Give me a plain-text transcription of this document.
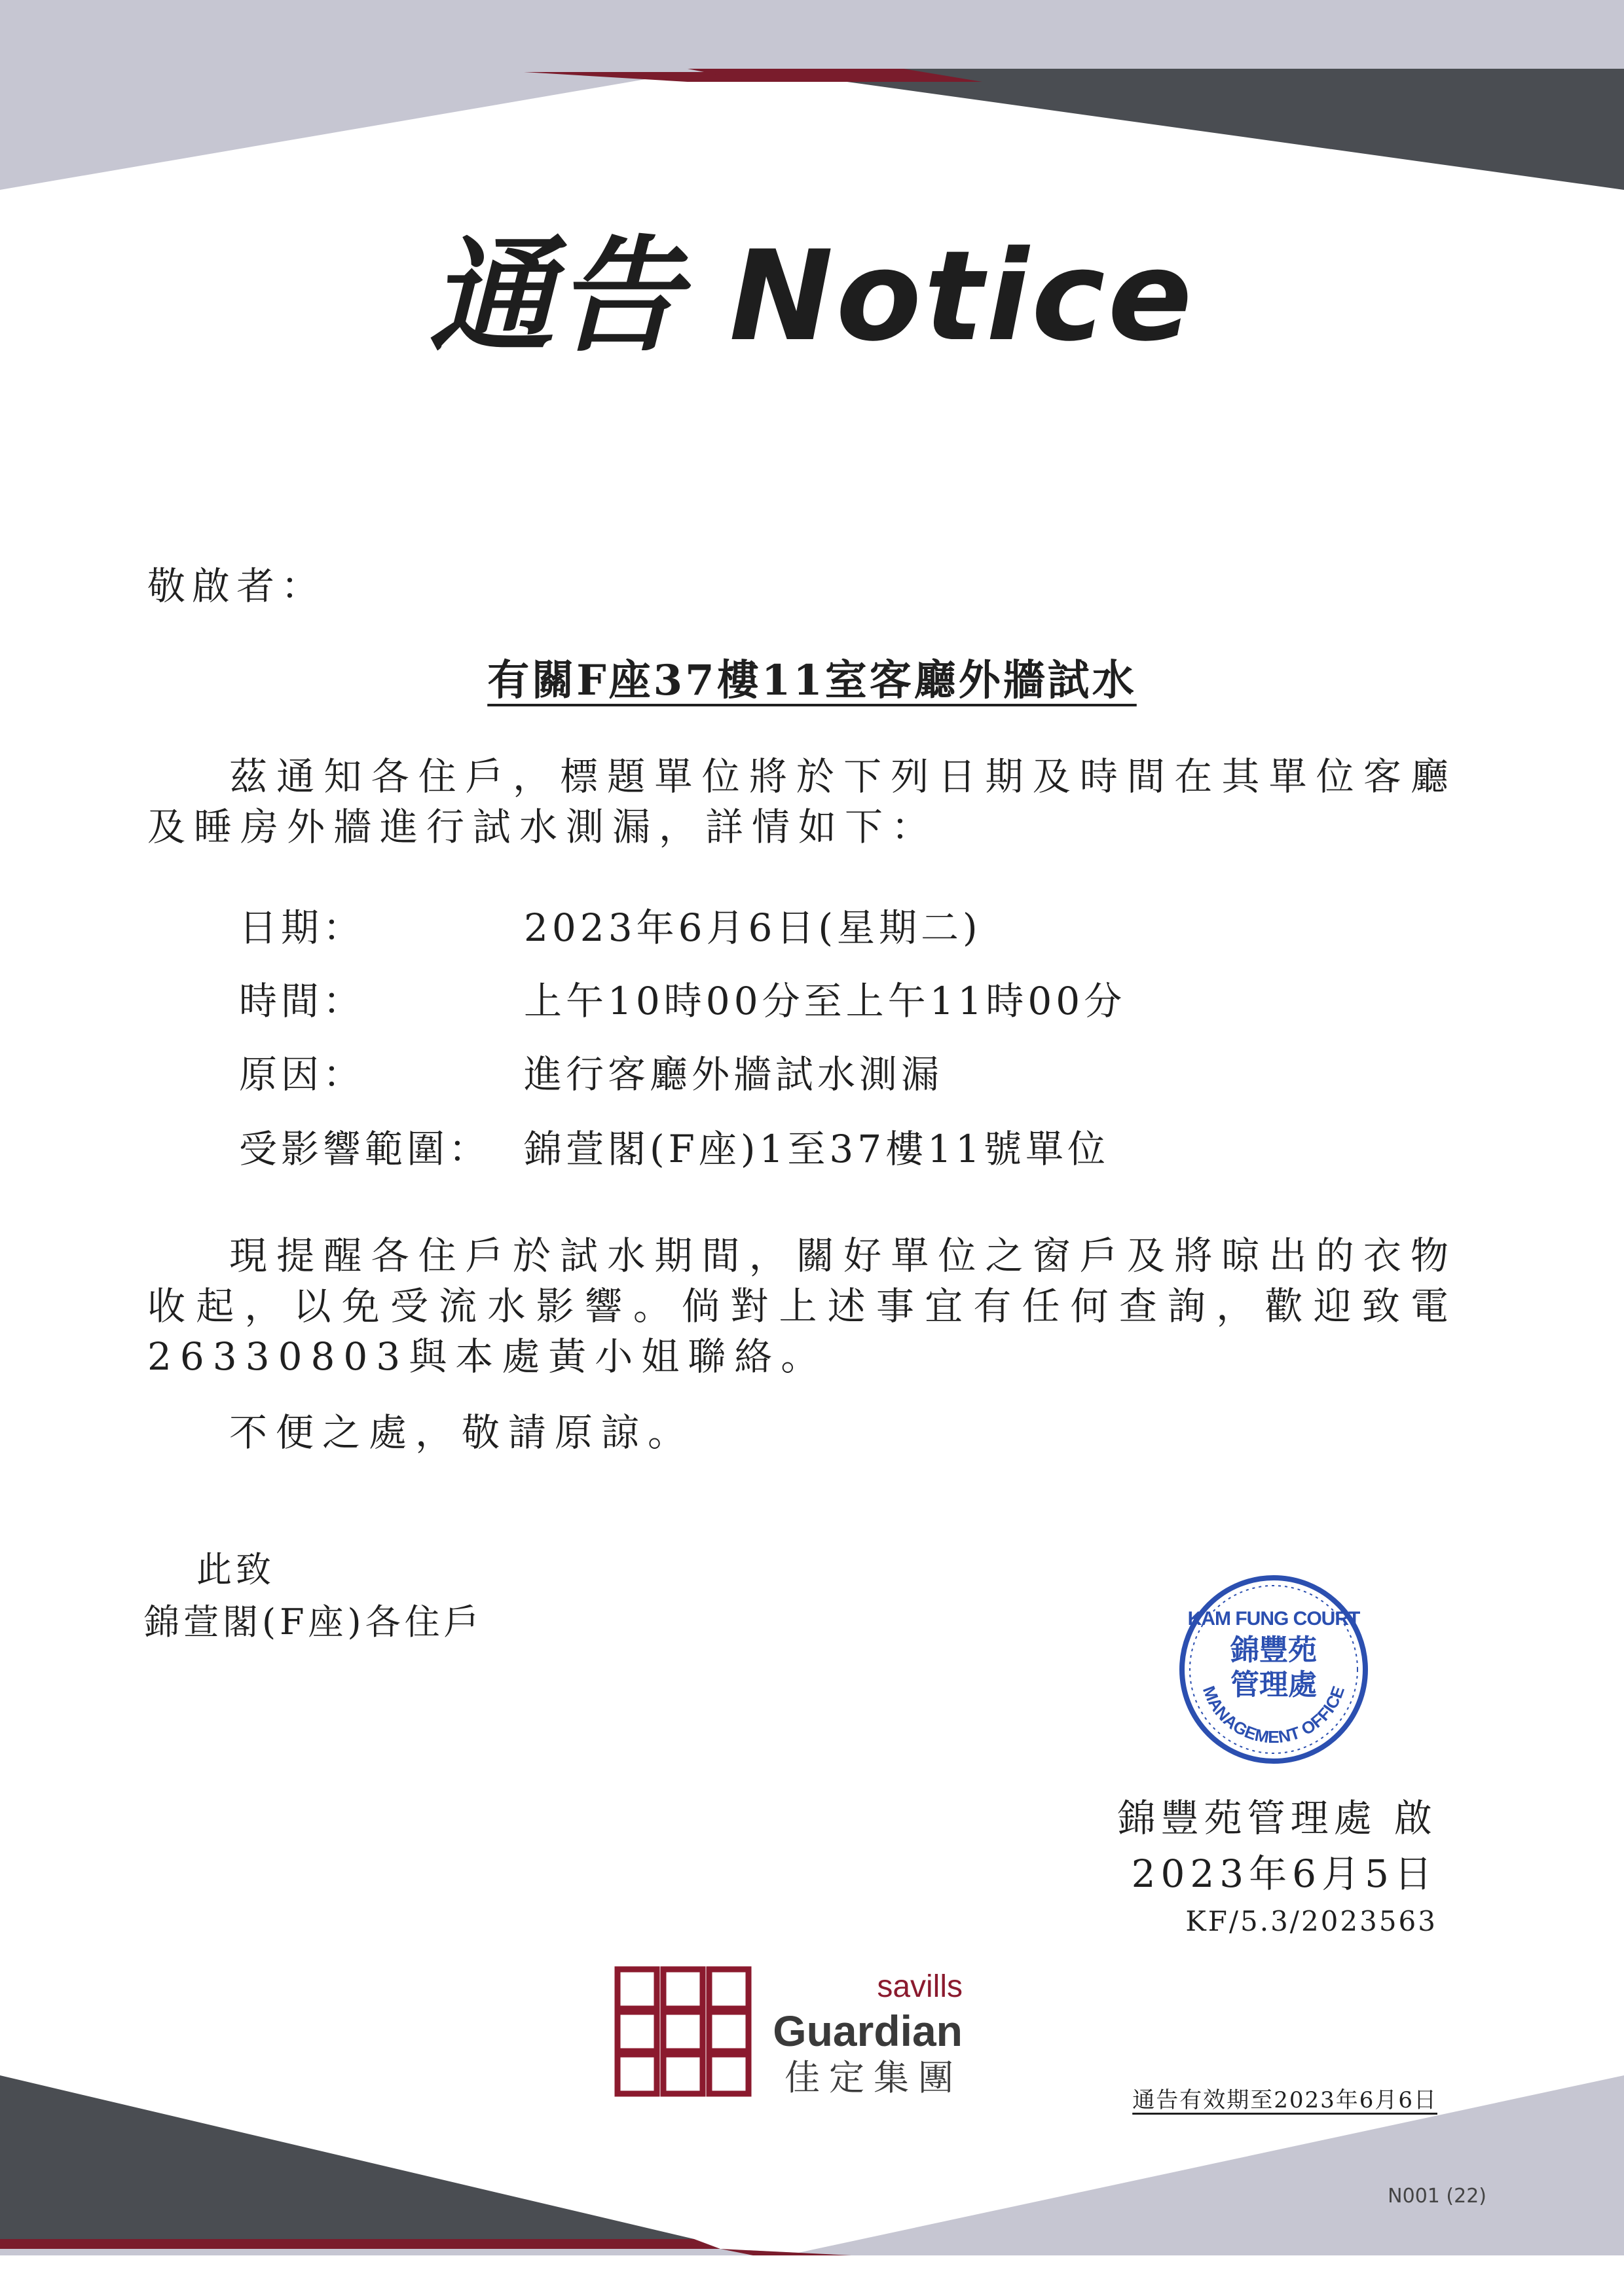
通告 Notice
敬啟者：
有關F座37樓11室客廳外牆試水
茲通知各住戶，標題單位將於下列日期及時間在其單位客廳及睡房外牆進行試水測漏，詳情如下：
日期：	2023年6月6日(星期二)
時間：	上午10時00分至上午11時00分
原因：	進行客廳外牆試水測漏
受影響範圍： 錦萱閣(F座)1至37樓11號單位
現提醒各住戶於試水期間，關好單位之窗戶及將晾出的衣物收起，以免受流水影響。倘對上述事宜有任何查詢，歡迎致電26330803與本處黃小姐聯絡。
不便之處，敬請原諒。
此致
錦萱閣(F座)各住戶	KAM FUNG COURT
錦豐苑
管理處
MANAGEMENT OFFICE
錦豐苑管理處 啟
2023年6月5日
KF/5.3/2023563
savills
Guardian
佳定集團
通告有效期至2023年6月6日
N001 (22)
